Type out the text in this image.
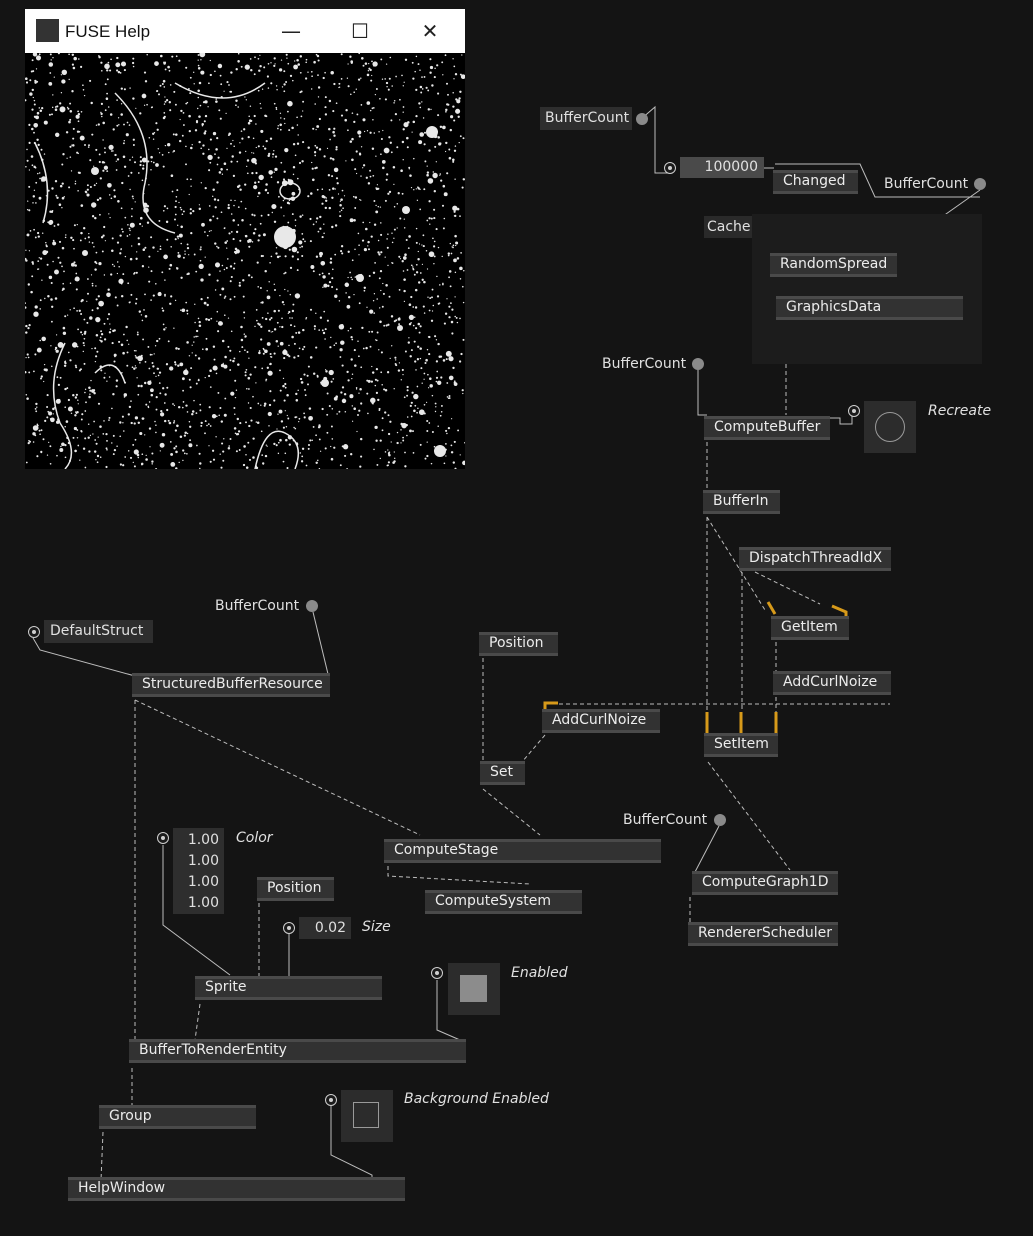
FUSE Help	—	☐	✕
BufferCount
100000
Changed	BufferCount
Cache
RandomSpread
GraphicsData
BufferCount
ComputeBuffer
Recreate
BufferIn
DispatchThreadIdX
GetItem
AddCurlNoize
AddCurlNoize
SetItem
DefaultStruct
BufferCount
StructuredBufferResource
Position
Set
ComputeStage
ComputeSystem
BufferCount
ComputeGraph1D
RendererScheduler
1.00
1.00
1.00
1.00
Color
Position
0.02 Size
Sprite
Enabled
BufferToRenderEntity
Group
Background Enabled
HelpWindow
